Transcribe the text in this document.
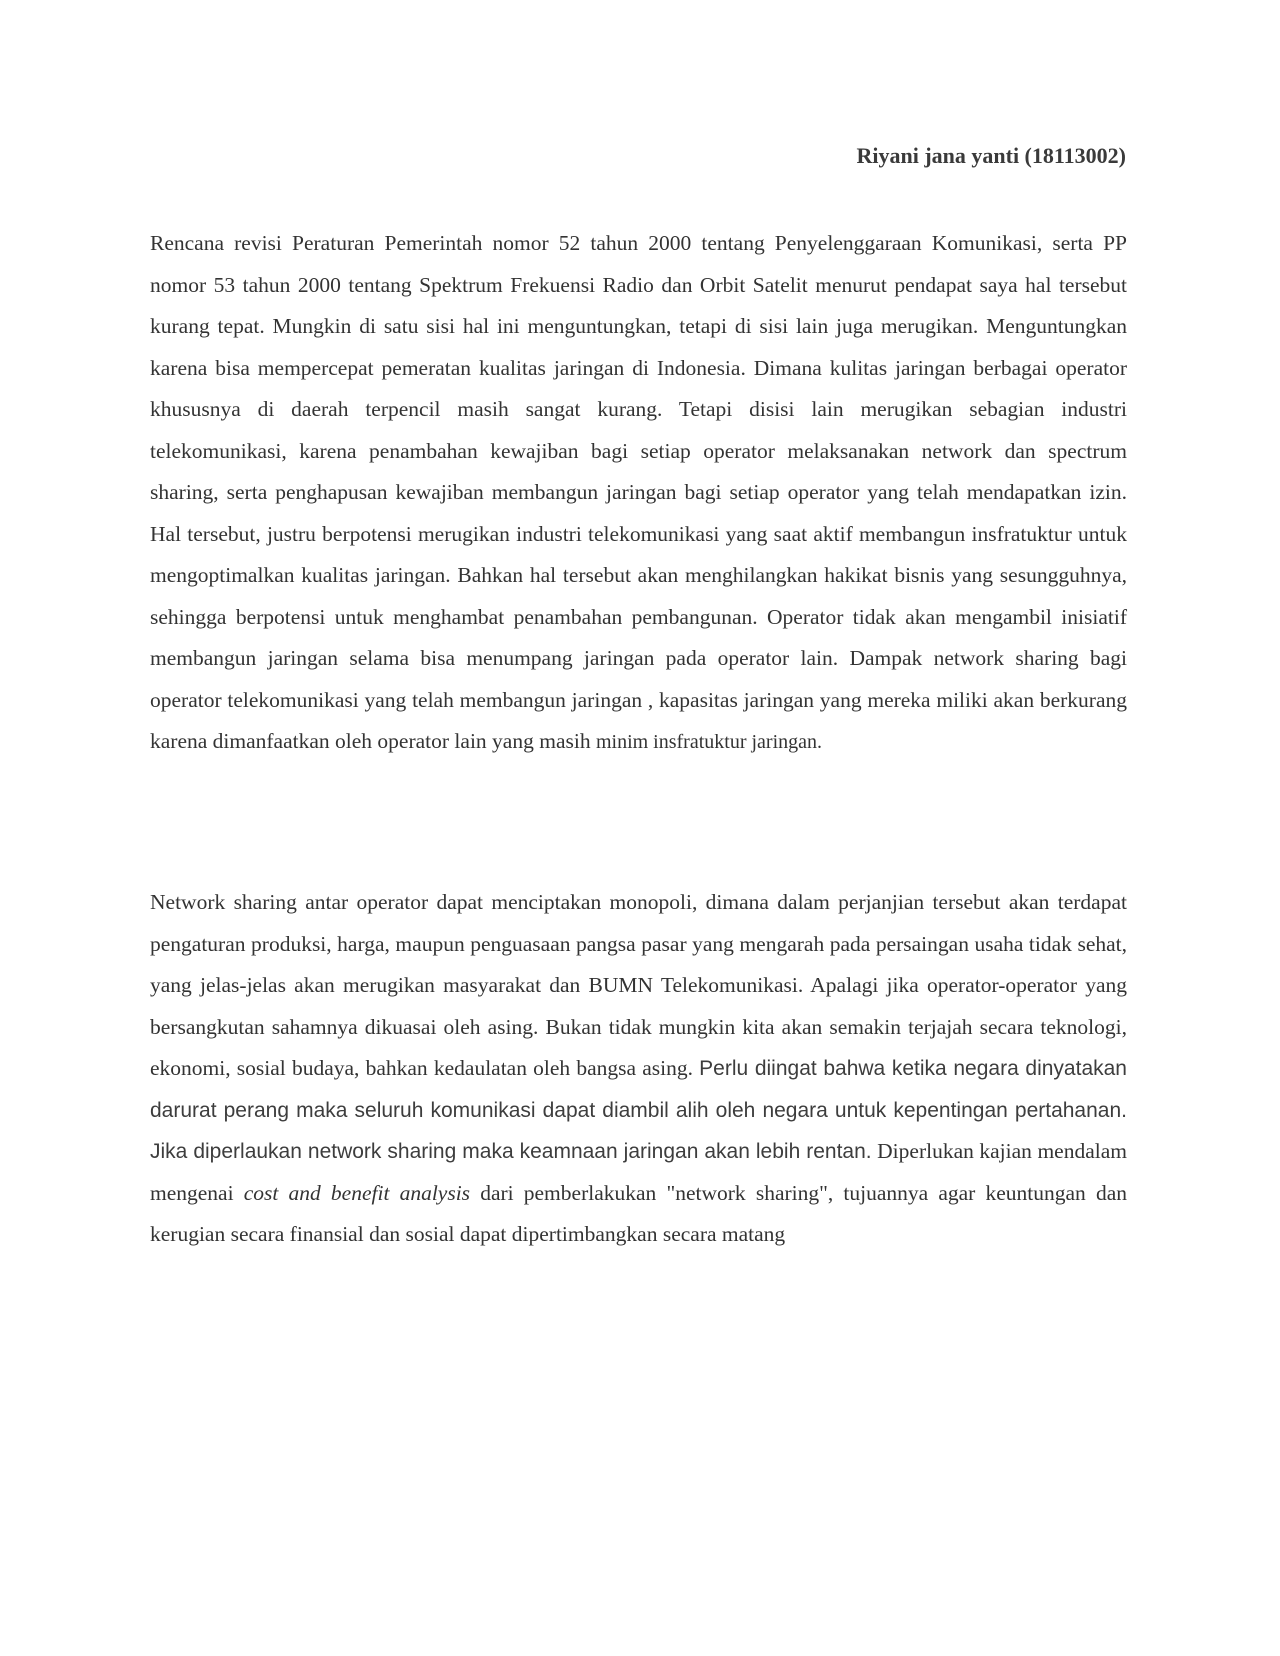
Riyani jana yanti (18113002)

Rencana revisi Peraturan Pemerintah nomor 52 tahun 2000 tentang Penyelenggaraan Komunikasi, serta PP nomor 53 tahun 2000 tentang Spektrum Frekuensi Radio dan Orbit Satelit menurut pendapat saya hal tersebut kurang tepat. Mungkin di satu sisi hal ini menguntungkan, tetapi di sisi lain juga merugikan. Menguntungkan karena bisa mempercepat pemeratan kualitas jaringan di Indonesia. Dimana kulitas jaringan berbagai operator khususnya di daerah terpencil masih sangat kurang. Tetapi disisi lain merugikan sebagian industri telekomunikasi, karena penambahan kewajiban bagi setiap operator melaksanakan network dan spectrum sharing, serta penghapusan kewajiban membangun jaringan bagi setiap operator yang telah mendapatkan izin. Hal tersebut, justru berpotensi merugikan industri telekomunikasi yang saat aktif membangun insfratuktur untuk mengoptimalkan kualitas jaringan. Bahkan hal tersebut akan menghilangkan hakikat bisnis yang sesungguhnya, sehingga berpotensi untuk menghambat penambahan pembangunan. Operator tidak akan mengambil inisiatif membangun jaringan selama bisa menumpang jaringan pada operator lain. Dampak network sharing bagi operator telekomunikasi yang telah membangun jaringan , kapasitas jaringan yang mereka miliki akan berkurang karena dimanfaatkan oleh operator lain yang masih minim insfratuktur jaringan.

Network sharing antar operator dapat menciptakan monopoli, dimana dalam perjanjian tersebut akan terdapat pengaturan produksi, harga, maupun penguasaan pangsa pasar yang mengarah pada persaingan usaha tidak sehat, yang jelas-jelas akan merugikan masyarakat dan BUMN Telekomunikasi. Apalagi jika operator-operator yang bersangkutan sahamnya dikuasai oleh asing. Bukan tidak mungkin kita akan semakin terjajah secara teknologi, ekonomi, sosial budaya, bahkan kedaulatan oleh bangsa asing. Perlu diingat bahwa ketika negara dinyatakan darurat perang maka seluruh komunikasi dapat diambil alih oleh negara untuk kepentingan pertahanan. Jika diperlaukan network sharing maka keamnaan jaringan akan lebih rentan. Diperlukan kajian mendalam mengenai cost and benefit analysis dari pemberlakukan "network sharing", tujuannya agar keuntungan dan kerugian secara finansial dan sosial dapat dipertimbangkan secara matang
